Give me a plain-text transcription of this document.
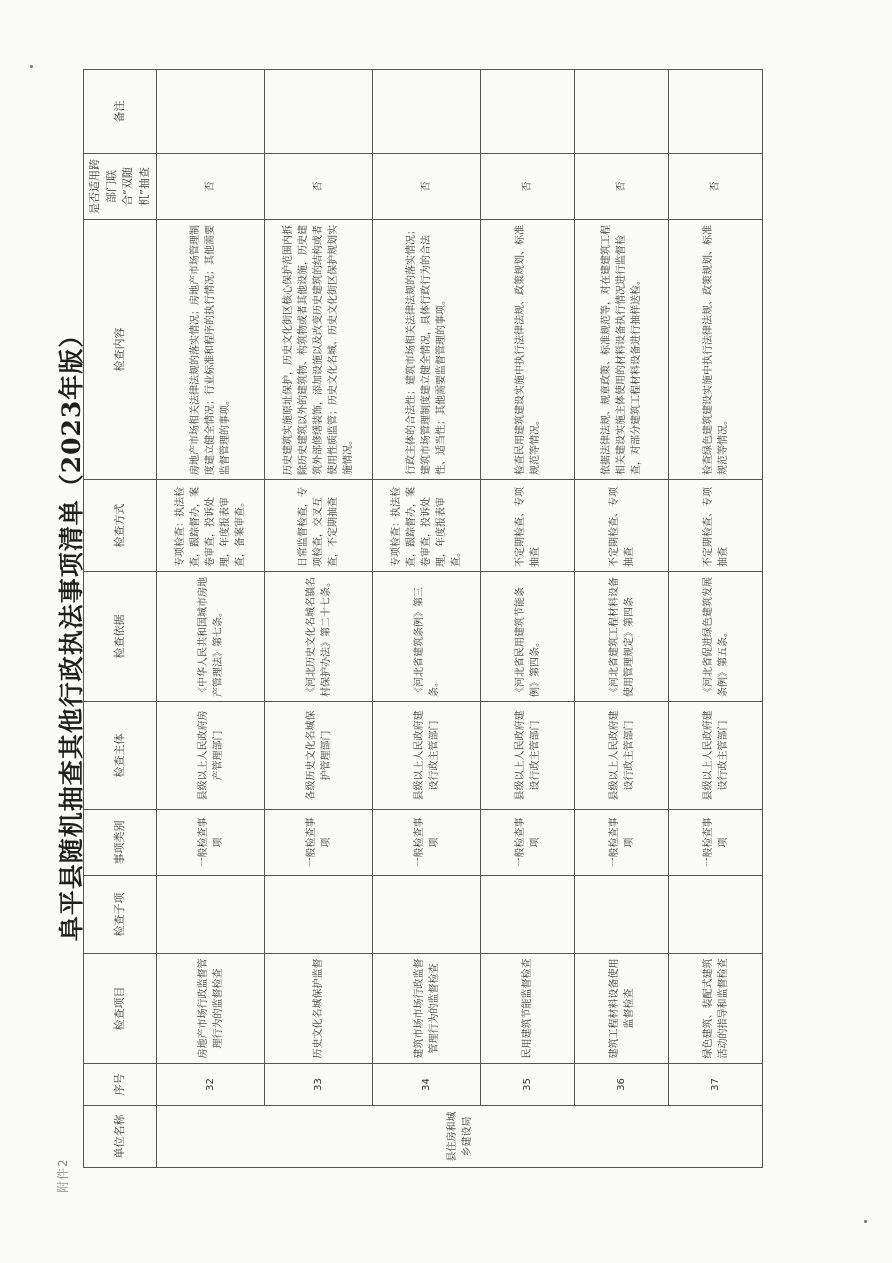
附件2
阜平县随机抽查其他行政执法事项清单（2023年版）
单位名称	序号	检查项目	检查子项	事项类别	检查主体	检查依据	检查方式	检查内容	是否适用跨部门联合“双随机”抽查	备注
县住房和城乡建设局	32	房地产市场行政监督管理行为的监督检查		一般检查事项	县级以上人民政府房产管理部门	《中华人民共和国城市房地产管理法》第七条。	专项检查：执法检查，跟踪督办，案卷审查，投诉处理，年度报表审查，备案审查。	房地产市场相关法律法规的落实情况；房地产市场管理制度建立健全情况；行业标准和程序的执行情况；其他需要监督管理的事项。	否	
	33	历史文化名城保护监督		一般检查事项	各级历史文化名城保护管理部门	《河北历史文化名城名镇名村保护办法》第二十七条。	日常监督检查，专项检查，交叉互查，不定期抽查	历史建筑实施原址保护，历史文化街区核心保护范围内拆除历史建筑以外的建筑物、构筑物或者其他设施，历史建筑外部修缮装饰，添加设施以及改变历史建筑的结构或者使用性质监管；历史文化名城、历史文化街区保护规划实施情况。	否	
	34	建筑市场市场行政监督管理行为的监督检查		一般检查事项	县级以上人民政府建设行政主管部门	《河北省建筑条例》第三条。	专项检查：执法检查，跟踪督办，案卷审查，投诉处理，年度报表审查。	行政主体的合法性；建筑市场相关法律法规的落实情况；建筑市场管理制度建立健全情况，具体行政行为的合法性、适当性；其他需要监督管理的事项。	否	
	35	民用建筑节能监督检查		一般检查事项	县级以上人民政府建设行政主管部门	《河北省民用建筑节能条例》第四条。	不定期检查、专项抽查	检查民用建筑建设实施中执行法律法规、政策规划、标准规范等情况。	否	
	36	建筑工程材料设备使用监督检查		一般检查事项	县级以上人民政府建设行政主管部门	《河北省建筑工程材料设备使用管理规定》第四条	不定期检查、专项抽查	依据法律法规、规章政策、标准规范等，对在建建筑工程相关建设实施主体使用的材料设备执行情况进行监督检查，对部分建筑工程材料设备进行抽样送检。	否	
	37	绿色建筑、装配式建筑活动的指导和监督检查		一般检查事项	县级以上人民政府建设行政主管部门	《河北省促进绿色建筑发展条例》第五条。	不定期检查、专项抽查	检查绿色建筑建设实施中执行法律法规、政策规划、标准规范等情况。	否	
